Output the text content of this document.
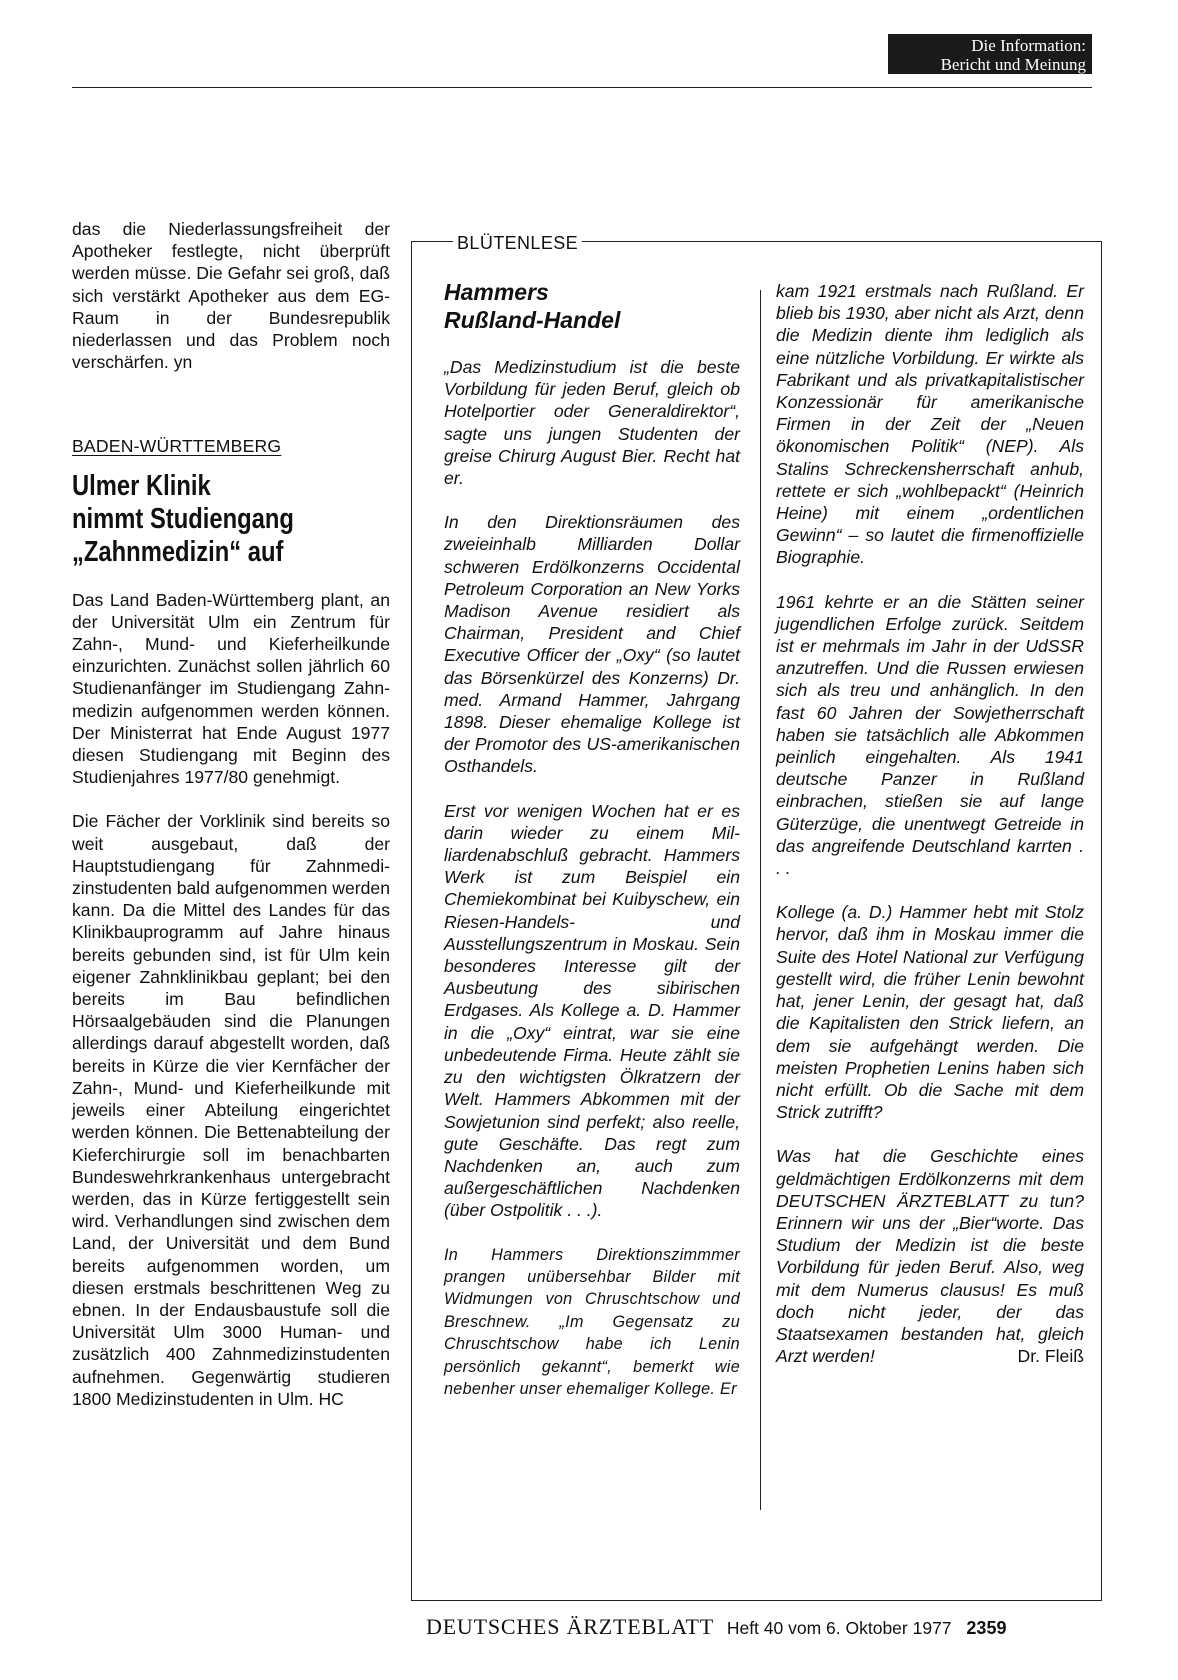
Die Information:
Bericht und Meinung

das die Niederlassungsfreiheit der Apotheker festlegte, nicht überprüft werden müsse. Die Gefahr sei groß, daß sich verstärkt Apotheker aus dem EG-Raum in der Bundesrepublik niederlassen und das Problem noch verschärfen. yn

BADEN-WÜRTTEMBERG

Ulmer Klinik

nimmt Studiengang

„Zahnmedizin“ auf

Das Land Baden-Württemberg plant, an der Universität Ulm ein Zentrum für Zahn-, Mund- und Kieferheilkunde einzurichten. Zunächst sollen jährlich 60 Studienanfänger im Studiengang Zahnmedizin aufgenommen werden können. Der Ministerrat hat Ende August 1977 diesen Studiengang mit Beginn des Studienjahres 1977/80 genehmigt.

Die Fächer der Vorklinik sind bereits so weit ausgebaut, daß der Hauptstudiengang für Zahnmedizinstudenten bald aufgenommen werden kann. Da die Mittel des Landes für das Klinikbauprogramm auf Jahre hinaus bereits gebunden sind, ist für Ulm kein eigener Zahnklinikbau geplant; bei den bereits im Bau befindlichen Hörsaalgebäuden sind die Planungen allerdings darauf abgestellt worden, daß bereits in Kürze die vier Kernfächer der Zahn-, Mund- und Kieferheilkunde mit jeweils einer Abteilung eingerichtet werden können. Die Bettenabteilung der Kieferchirurgie soll im benachbarten Bundeswehrkrankenhaus untergebracht werden, das in Kürze fertiggestellt sein wird. Verhandlungen sind zwischen dem Land, der Universität und dem Bund bereits aufgenommen worden, um diesen erstmals beschrittenen Weg zu ebnen. In der Endausbaustufe soll die Universität Ulm 3000 Human- und zusätzlich 400 Zahnmedizinstudenten aufnehmen. Gegenwärtig studieren 1800 Medizinstudenten in Ulm. HC

BLÜTENLESE

Hammers

Rußland-Handel

„Das Medizinstudium ist die beste Vorbildung für jeden Beruf, gleich ob Hotelportier oder Generaldirektor“, sagte uns jungen Studenten der greise Chirurg August Bier. Recht hat er.

In den Direktionsräumen des zweieinhalb Milliarden Dollar schweren Erdölkonzerns Occidental Petroleum Corporation an New Yorks Madison Avenue residiert als Chairman, President and Chief Executive Officer der „Oxy“ (so lautet das Börsenkürzel des Konzerns) Dr. med. Armand Hammer, Jahrgang 1898. Dieser ehemalige Kollege ist der Promotor des US-amerikanischen Osthandels.

Erst vor wenigen Wochen hat er es darin wieder zu einem Milliardenabschluß gebracht. Hammers Werk ist zum Beispiel ein Chemiekombinat bei Kuibyschew, ein Riesen-Handels- und Ausstellungszentrum in Moskau. Sein besonderes Interesse gilt der Ausbeutung des sibirischen Erdgases. Als Kollege a. D. Hammer in die „Oxy“ eintrat, war sie eine unbedeutende Firma. Heute zählt sie zu den wichtigsten Ölkratzern der Welt. Hammers Abkommen mit der Sowjetunion sind perfekt; also reelle, gute Geschäfte. Das regt zum Nachdenken an, auch zum außergeschäftlichen Nachdenken (über Ostpolitik . . .).

In Hammers Direktionszimmmer prangen unübersehbar Bilder mit Widmungen von Chruschtschow und Breschnew. „Im Gegensatz zu Chruschtschow habe ich Lenin persönlich gekannt“, bemerkt wie nebenher unser ehemaliger Kollege. Er

kam 1921 erstmals nach Rußland. Er blieb bis 1930, aber nicht als Arzt, denn die Medizin diente ihm lediglich als eine nützliche Vorbildung. Er wirkte als Fabrikant und als privatkapitalistischer Konzessionär für amerikanische Firmen in der Zeit der „Neuen ökonomischen Politik“ (NEP). Als Stalins Schreckensherrschaft anhub, rettete er sich „wohlbepackt“ (Heinrich Heine) mit einem „ordentlichen Gewinn“ – so lautet die firmenoffizielle Biographie.

1961 kehrte er an die Stätten seiner jugendlichen Erfolge zurück. Seitdem ist er mehrmals im Jahr in der UdSSR anzutreffen. Und die Russen erwiesen sich als treu und anhänglich. In den fast 60 Jahren der Sowjetherrschaft haben sie tatsächlich alle Abkommen peinlich eingehalten. Als 1941 deutsche Panzer in Rußland einbrachen, stießen sie auf lange Güterzüge, die unentwegt Getreide in das angreifende Deutschland karrten . . .

Kollege (a. D.) Hammer hebt mit Stolz hervor, daß ihm in Moskau immer die Suite des Hotel National zur Verfügung gestellt wird, die früher Lenin bewohnt hat, jener Lenin, der gesagt hat, daß die Kapitalisten den Strick liefern, an dem sie aufgehängt werden. Die meisten Prophetien Lenins haben sich nicht erfüllt. Ob die Sache mit dem Strick zutrifft?

Was hat die Geschichte eines geldmächtigen Erdölkonzerns mit dem DEUTSCHEN ÄRZTEBLATT zu tun? Erinnern wir uns der „Bier“worte. Das Studium der Medizin ist die beste Vorbildung für jeden Beruf. Also, weg mit dem Numerus clausus! Es muß doch nicht jeder, der das Staatsexamen bestanden hat, gleich Arzt werden!	Dr. Fleiß

DEUTSCHES ÄRZTEBLATT Heft 40 vom 6. Oktober 1977 2359
